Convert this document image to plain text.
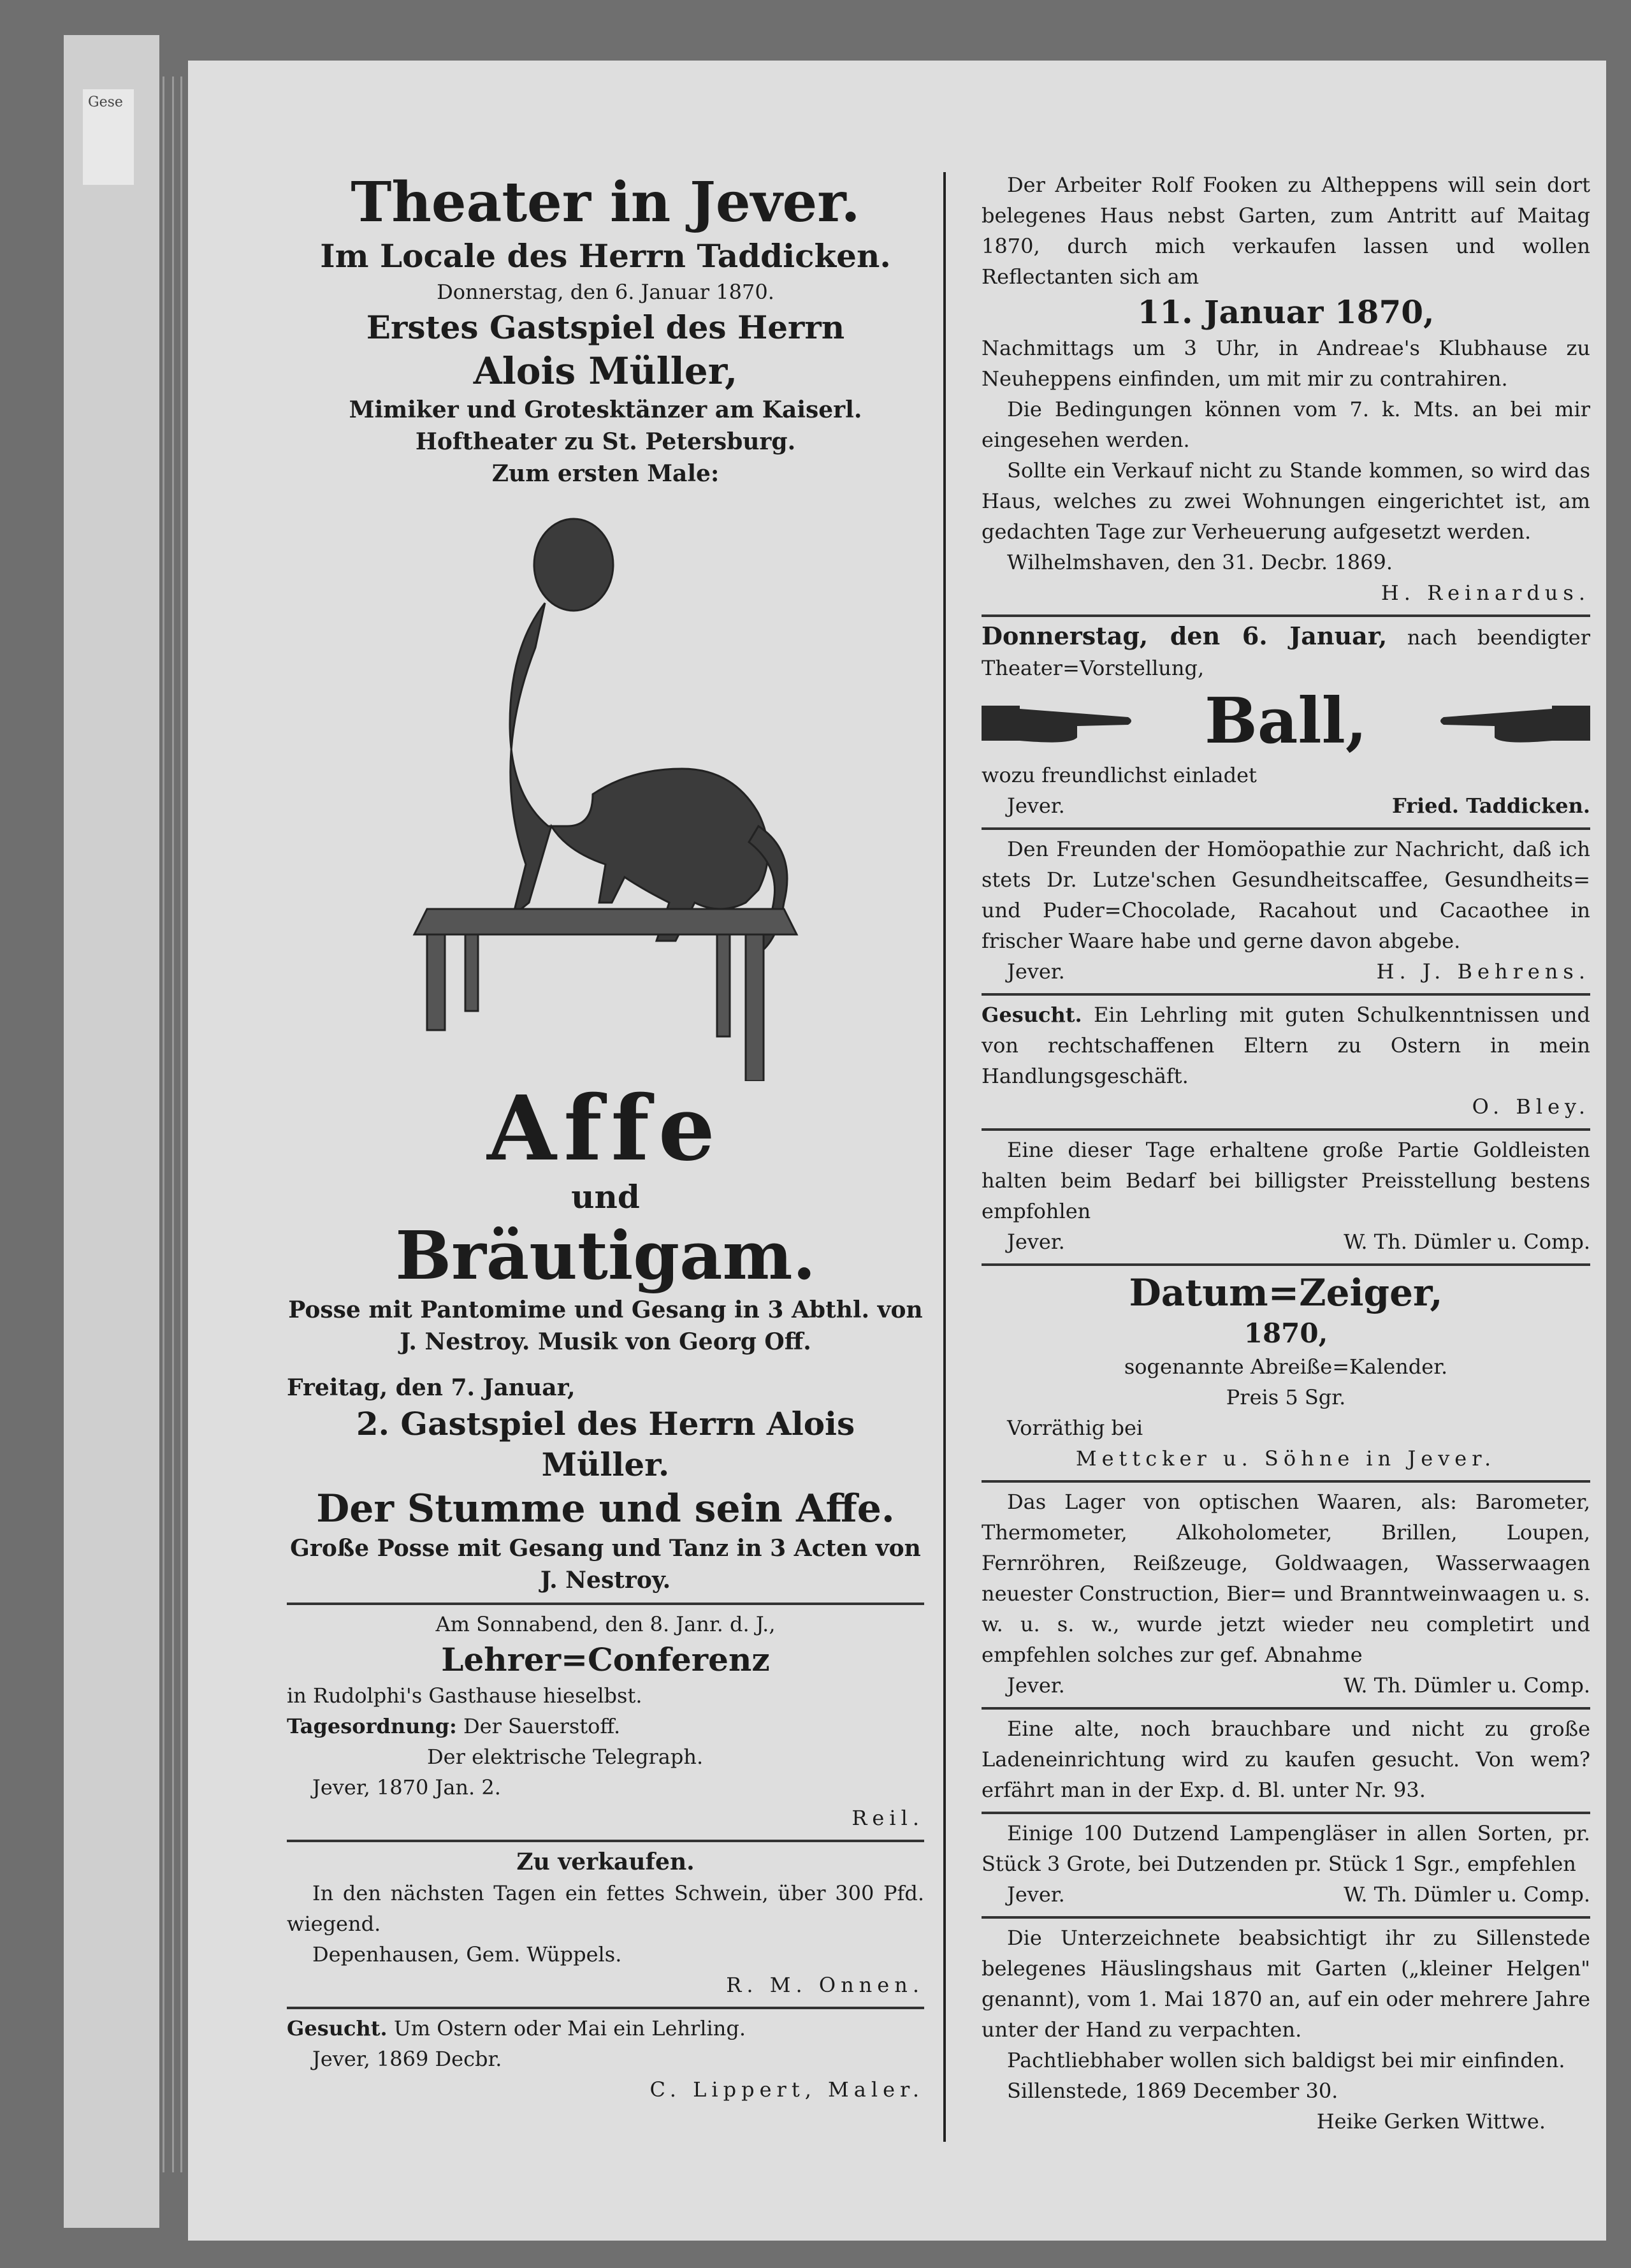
Gese

Theater in Jever.

Im Locale des Herrn Taddicken.

Donnerstag, den 6. Januar 1870.

Erstes Gastspiel des Herrn

Alois Müller,

Mimiker und Grotesktänzer am Kaiserl.

Hoftheater zu St. Petersburg.

Zum ersten Male:

Affe

und

Bräutigam.

Posse mit Pantomime und Gesang in 3 Abthl. von

J. Nestroy. Musik von Georg Off.

Freitag, den 7. Januar,

2. Gastspiel des Herrn Alois Müller.

Der Stumme und sein Affe.

Große Posse mit Gesang und Tanz in 3 Acten von

J. Nestroy.

Am Sonnabend, den 8. Janr. d. J.,

Lehrer=Conferenz

in Rudolphi's Gasthause hieselbst.

Tagesordnung: Der Sauerstoff.

Der elektrische Telegraph.

Jever, 1870 Jan. 2.

Reil.

Zu verkaufen.

In den nächsten Tagen ein fettes Schwein, über 300 Pfd. wiegend.

Depenhausen, Gem. Wüppels.

R. M. Onnen.

Gesucht. Um Ostern oder Mai ein Lehrling.

Jever, 1869 Decbr.

C. Lippert, Maler.

Der Arbeiter Rolf Fooken zu Altheppens will sein dort belegenes Haus nebst Garten, zum Antritt auf Maitag 1870, durch mich verkaufen lassen und wollen Reflectanten sich am

11. Januar 1870,

Nachmittags um 3 Uhr, in Andreae's Klubhause zu Neuheppens einfinden, um mit mir zu contrahiren.

Die Bedingungen können vom 7. k. Mts. an bei mir eingesehen werden.

Sollte ein Verkauf nicht zu Stande kommen, so wird das Haus, welches zu zwei Wohnungen eingerichtet ist, am gedachten Tage zur Verheuerung aufgesetzt werden.

Wilhelmshaven, den 31. Decbr. 1869.

H. Reinardus.

Donnerstag, den 6. Januar, nach beendigter Theater=Vorstellung,

Ball,

wozu freundlichst einladet

Jever.	Fried. Taddicken.

Den Freunden der Homöopathie zur Nachricht, daß ich stets Dr. Lutze'schen Gesundheitscaffee, Gesundheits= und Puder=Chocolade, Racahout und Cacaothee in frischer Waare habe und gerne davon abgebe.

Jever.	H. J. Behrens.

Gesucht. Ein Lehrling mit guten Schulkenntnissen und von rechtschaffenen Eltern zu Ostern in mein Handlungsgeschäft.

O. Bley.

Eine dieser Tage erhaltene große Partie Goldleisten halten beim Bedarf bei billigster Preisstellung bestens empfohlen

Jever.	W. Th. Dümler u. Comp.

Datum=Zeiger,

1870,

sogenannte Abreiße=Kalender.

Preis 5 Sgr.

Vorräthig bei

Mettcker u. Söhne in Jever.

Das Lager von optischen Waaren, als: Barometer, Thermometer, Alkoholometer, Brillen, Loupen, Fernröhren, Reißzeuge, Goldwaagen, Wasserwaagen neuester Construction, Bier= und Branntweinwaagen u. s. w. u. s. w., wurde jetzt wieder neu completirt und empfehlen solches zur gef. Abnahme

Jever.	W. Th. Dümler u. Comp.

Eine alte, noch brauchbare und nicht zu große Ladeneinrichtung wird zu kaufen gesucht. Von wem? erfährt man in der Exp. d. Bl. unter Nr. 93.

Einige 100 Dutzend Lampengläser in allen Sorten, pr. Stück 3 Grote, bei Dutzenden pr. Stück 1 Sgr., empfehlen

Jever.	W. Th. Dümler u. Comp.

Die Unterzeichnete beabsichtigt ihr zu Sillenstede belegenes Häuslingshaus mit Garten („kleiner Helgen" genannt), vom 1. Mai 1870 an, auf ein oder mehrere Jahre unter der Hand zu verpachten.

Pachtliebhaber wollen sich baldigst bei mir einfinden.

Sillenstede, 1869 December 30.

Heike Gerken Wittwe.
